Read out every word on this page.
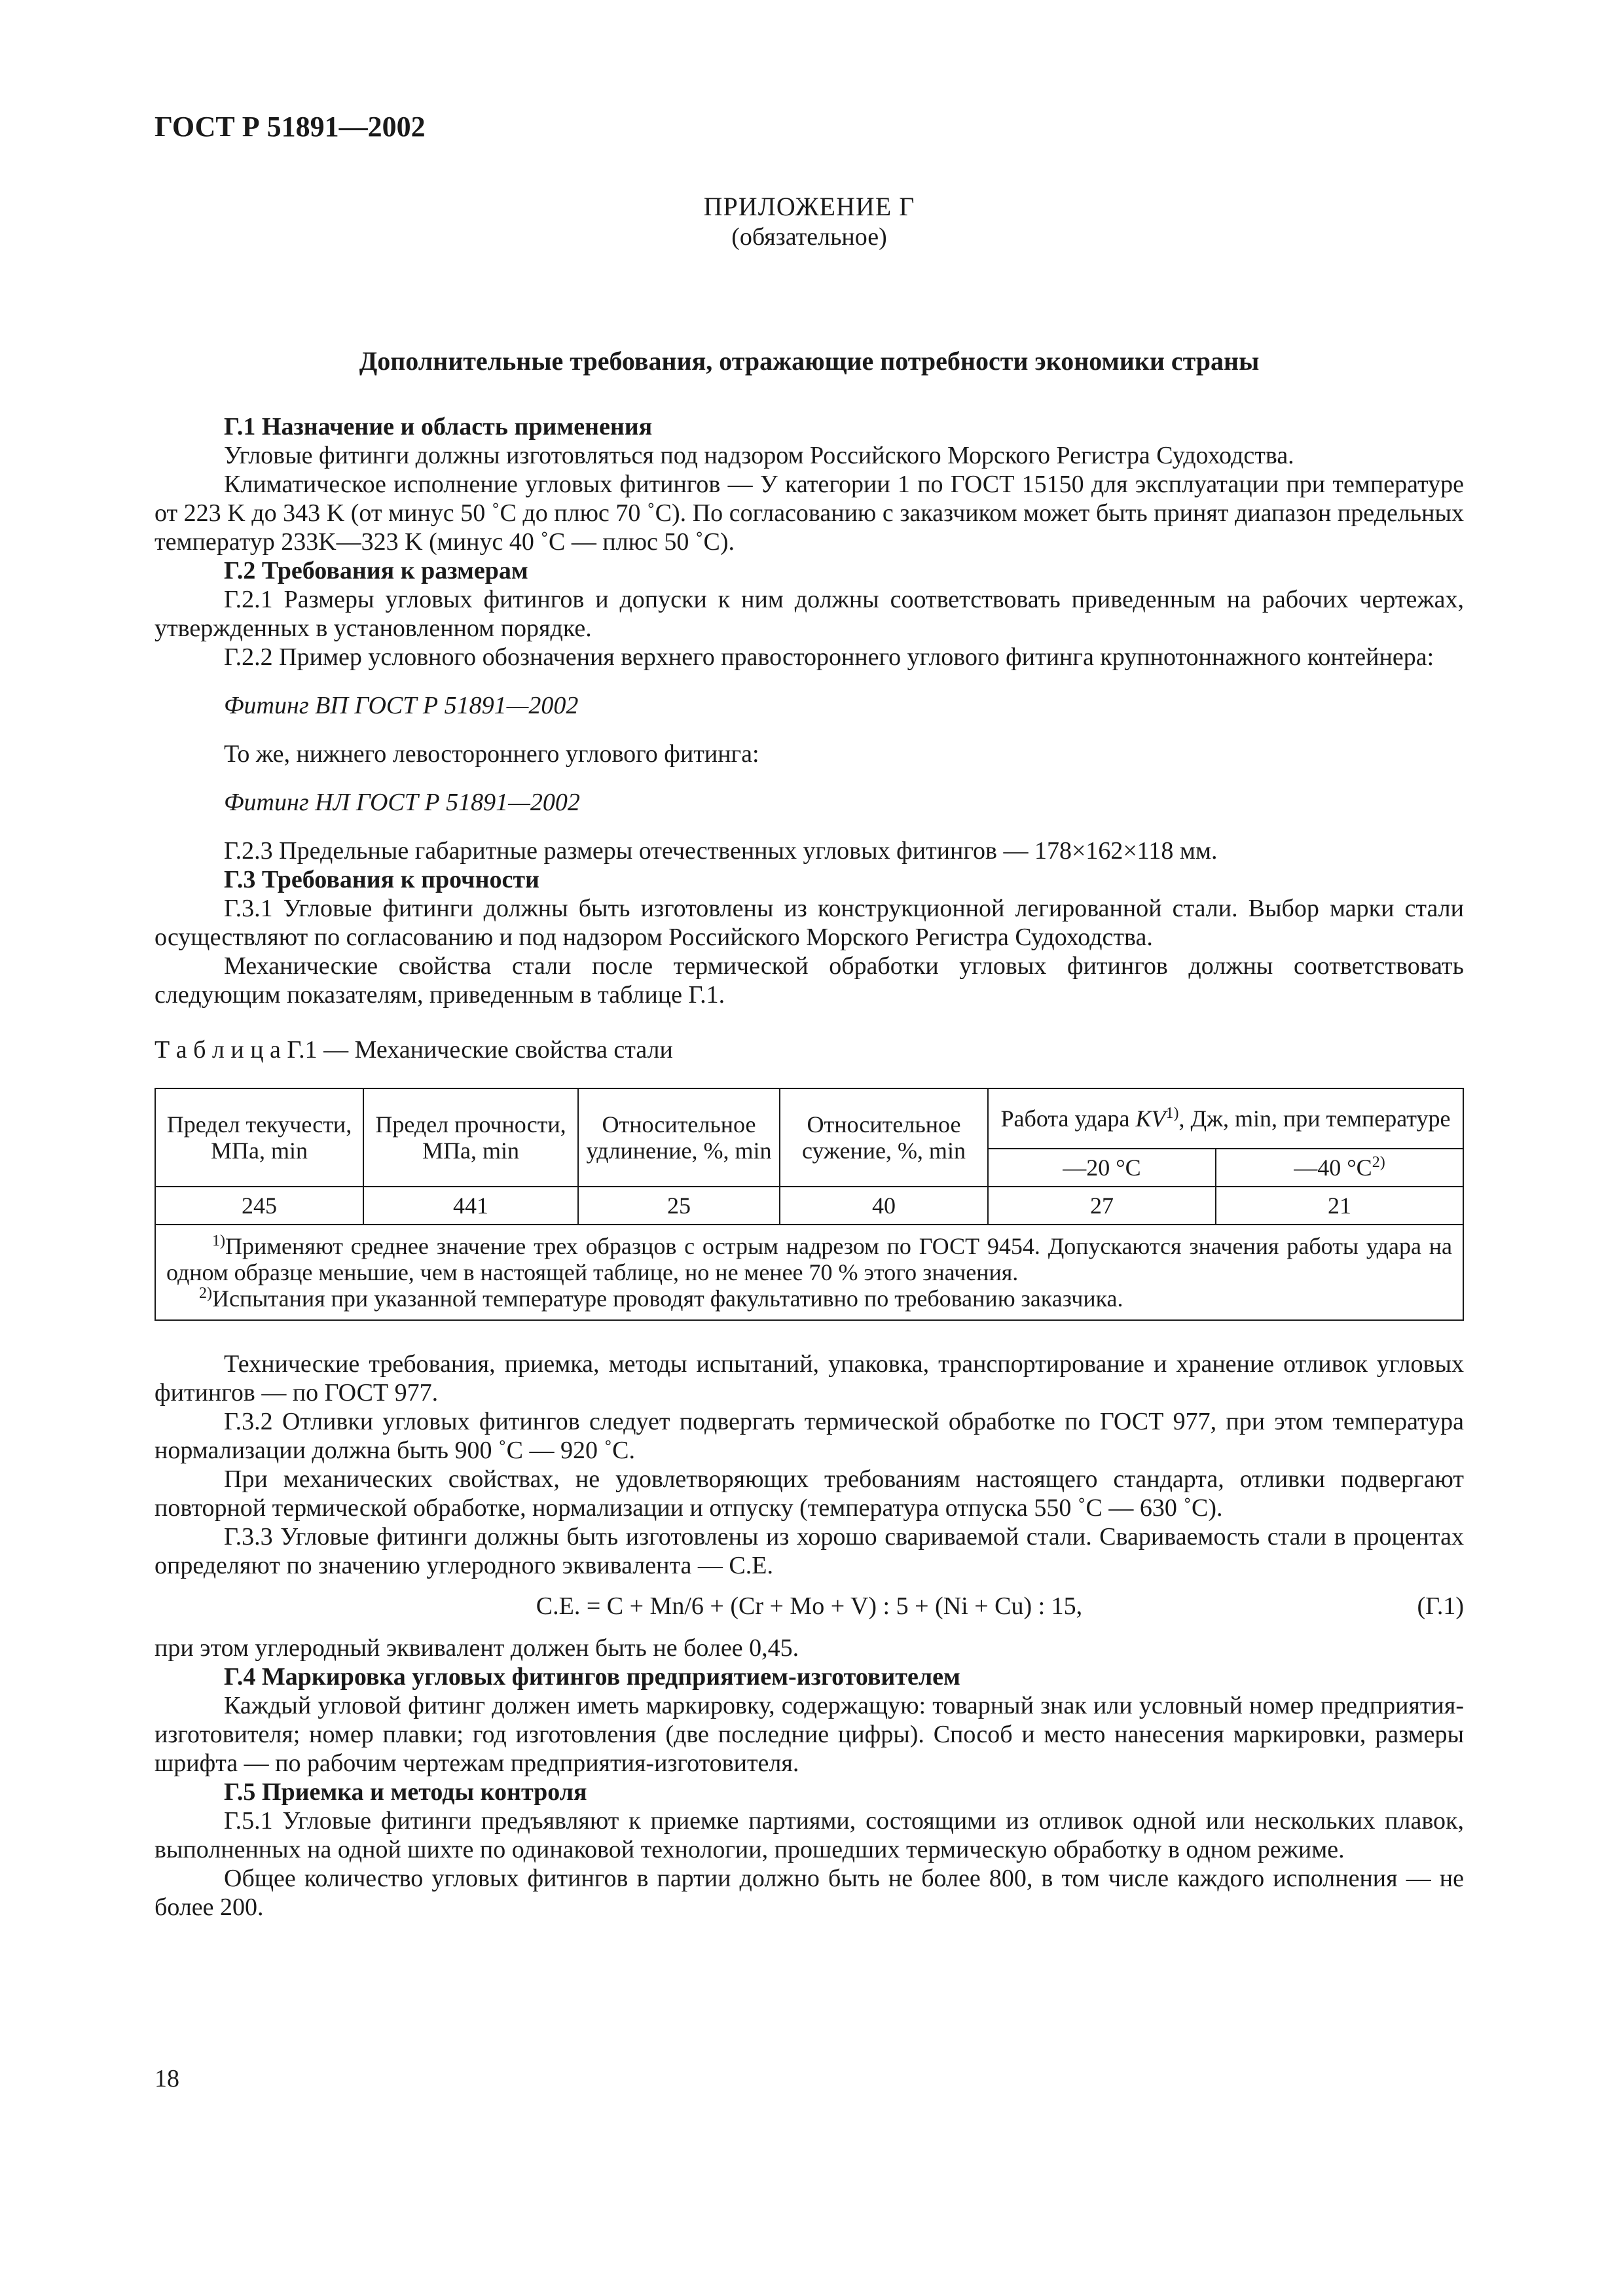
ГОСТ Р 51891—2002
ПРИЛОЖЕНИЕ Г
(обязательное)
Дополнительные требования, отражающие потребности экономики страны

Г.1 Назначение и область применения

Угловые фитинги должны изготовляться под надзором Российского Морского Регистра Судоходства.

Климатическое исполнение угловых фитингов — У категории 1 по ГОСТ 15150 для эксплуатации при температуре от 223 K до 343 K (от минус 50 ˚С до плюс 70 ˚С). По согласованию с заказчиком может быть принят диапазон предельных температур 233K—323 K (минус 40 ˚С — плюс 50 ˚С).

Г.2 Требования к размерам

Г.2.1 Размеры угловых фитингов и допуски к ним должны соответствовать приведенным на рабочих чертежах, утвержденных в установленном порядке.

Г.2.2 Пример условного обозначения верхнего правостороннего углового фитинга крупнотоннажного контейнера:

Фитинг ВП ГОСТ Р 51891—2002

То же, нижнего левостороннего углового фитинга:

Фитинг НЛ ГОСТ Р 51891—2002

Г.2.3 Предельные габаритные размеры отечественных угловых фитингов — 178×162×118 мм.

Г.3 Требования к прочности

Г.3.1 Угловые фитинги должны быть изготовлены из конструкционной легированной стали. Выбор марки стали осуществляют по согласованию и под надзором Российского Морского Регистра Судоходства.

Механические свойства стали после термической обработки угловых фитингов должны соответствовать следующим показателям, приведенным в таблице Г.1.

Т а б л и ц а Г.1 — Механические свойства стали

Предел текучести, МПа, min	Предел прочности, МПа, min	Относительное удлинение, %, min	Относительное сужение, %, min	Работа удара KV$^{1)}$, Дж, min, при температуре	
				—20 °С	—40 $^\circ С^{2)}$
245	441	25	40	27	21

$^{1)}$Применяют среднее значение трех образцов с острым надрезом по ГОСТ 9454. Допускаются значения работы удара на одном образце меньшие, чем в настоящей таблице, но не менее 70 % этого значения.

$^{2)}$Испытания при указанной температуре проводят факультативно по требованию заказчика.					

Технические требования, приемка, методы испытаний, упаковка, транспортирование и хранение отливок угловых фитингов — по ГОСТ 977.

Г.3.2 Отливки угловых фитингов следует подвергать термической обработке по ГОСТ 977, при этом температура нормализации должна быть 900 ˚С — 920 ˚С.

При механических свойствах, не удовлетворяющих требованиям настоящего стандарта, отливки подвергают повторной термической обработке, нормализации и отпуску (температура отпуска 550 ˚С — 630 ˚С).

Г.3.3 Угловые фитинги должны быть изготовлены из хорошо свариваемой стали. Свариваемость стали в процентах определяют по значению углеродного эквивалента — С.Е.

С.Е. = С + Mn/6 + (Cr + Mo + V) : 5 + (Ni + Cu) : 15,	(Г.1)

при этом углеродный эквивалент должен быть не более 0,45.

Г.4 Маркировка угловых фитингов предприятием-изготовителем

Каждый угловой фитинг должен иметь маркировку, содержащую: товарный знак или условный номер предприятия-изготовителя; номер плавки; год изготовления (две последние цифры). Способ и место нанесения маркировки, размеры шрифта — по рабочим чертежам предприятия-изготовителя.

Г.5 Приемка и методы контроля

Г.5.1 Угловые фитинги предъявляют к приемке партиями, состоящими из отливок одной или нескольких плавок, выполненных на одной шихте по одинаковой технологии, прошедших термическую обработку в одном режиме.

Общее количество угловых фитингов в партии должно быть не более 800, в том числе каждого исполнения — не более 200.

18
